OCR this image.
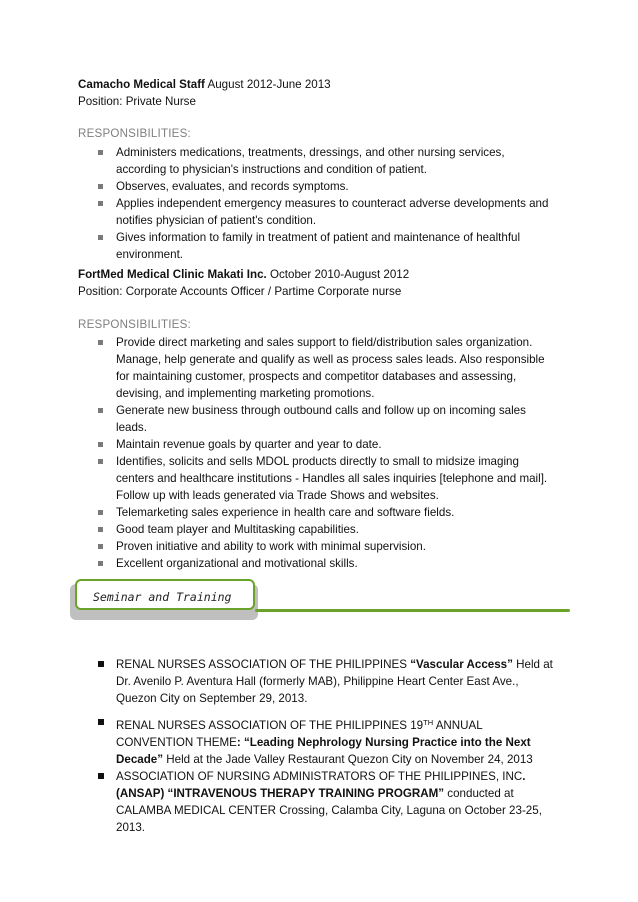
Camacho Medical Staff August 2012-June 2013
Position: Private Nurse
RESPONSIBILITIES:
Administers medications, treatments, dressings, and other nursing services, according to physician's instructions and condition of patient.
Observes, evaluates, and records symptoms.
Applies independent emergency measures to counteract adverse developments and notifies physician of patient's condition.
Gives information to family in treatment of patient and maintenance of healthful environment.
FortMed Medical Clinic Makati Inc. October 2010-August 2012
Position: Corporate Accounts Officer / Partime Corporate nurse
RESPONSIBILITIES:
Provide direct marketing and sales support to field/distribution sales organization. Manage, help generate and qualify as well as process sales leads. Also responsible for maintaining customer, prospects and competitor databases and assessing, devising, and implementing marketing promotions.
Generate new business through outbound calls and follow up on incoming sales leads.
Maintain revenue goals by quarter and year to date.
Identifies, solicits and sells MDOL products directly to small to midsize imaging centers and healthcare institutions - Handles all sales inquiries [telephone and mail]. Follow up with leads generated via Trade Shows and websites.
Telemarketing sales experience in health care and software fields.
Good team player and Multitasking capabilities.
Proven initiative and ability to work with minimal supervision.
Excellent organizational and motivational skills.
Seminar and Training
RENAL NURSES ASSOCIATION OF THE PHILIPPINES “Vascular Access” Held at Dr. Avenilo P. Aventura Hall (formerly MAB), Philippine Heart Center East Ave., Quezon City on September 29, 2013.
RENAL NURSES ASSOCIATION OF THE PHILIPPINES 19TH ANNUAL CONVENTION THEME: “Leading Nephrology Nursing Practice into the Next Decade” Held at the Jade Valley Restaurant Quezon City on November 24, 2013
ASSOCIATION OF NURSING ADMINISTRATORS OF THE PHILIPPINES, INC. (ANSAP) “INTRAVENOUS THERAPY TRAINING PROGRAM” conducted at CALAMBA MEDICAL CENTER Crossing, Calamba City, Laguna on October 23-25, 2013.
